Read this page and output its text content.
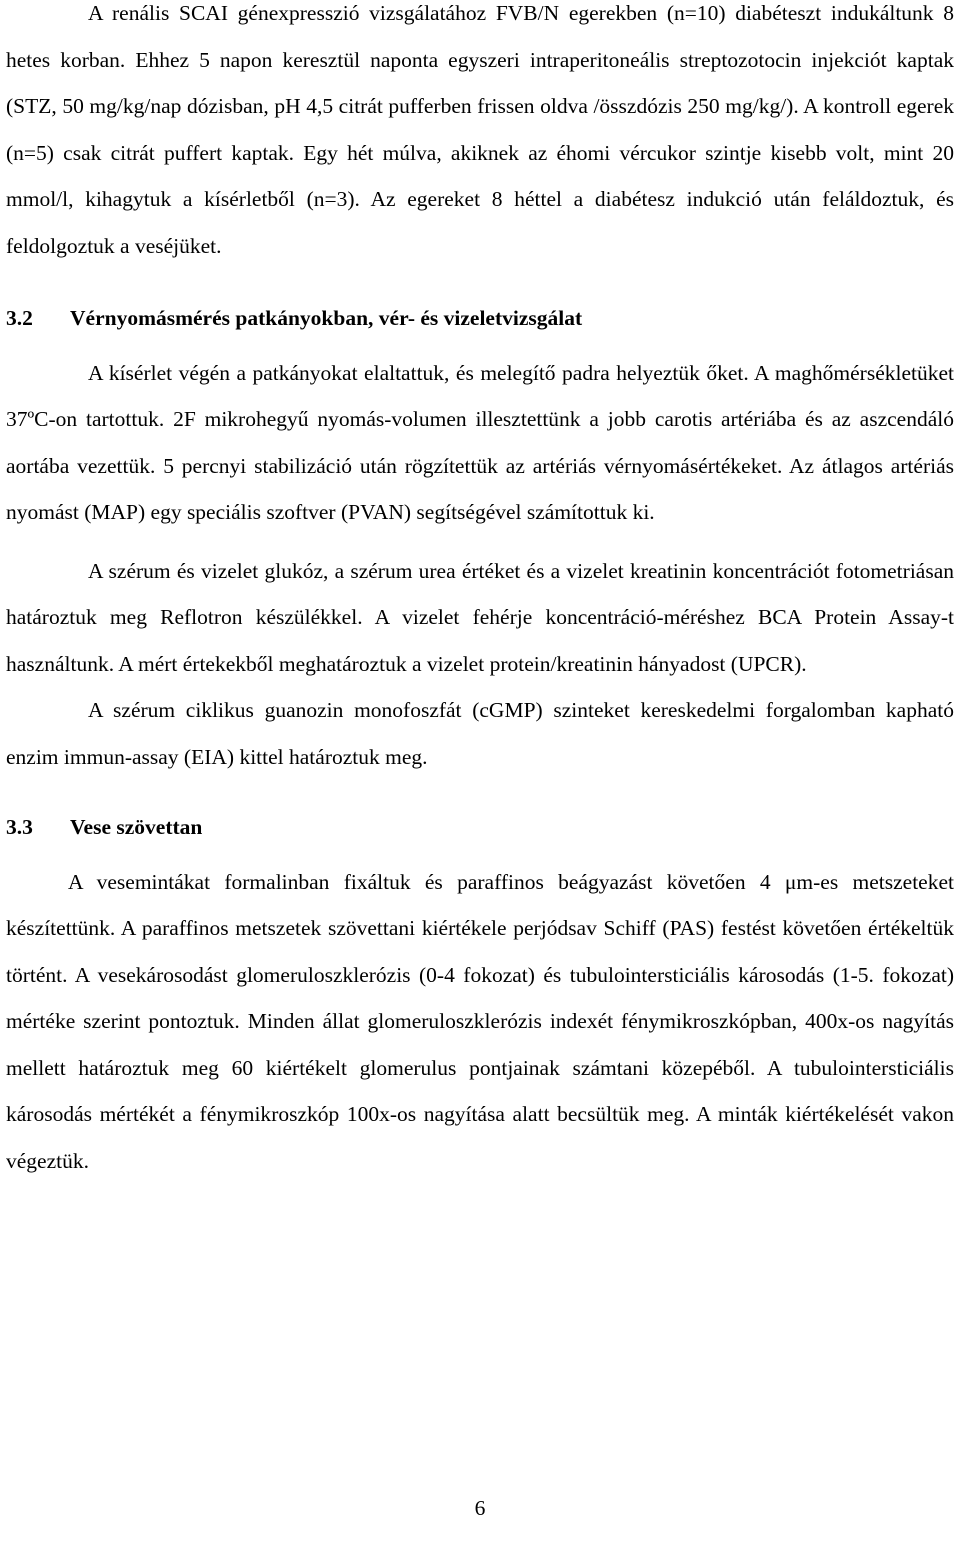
A renális SCAI génexpresszió vizsgálatához FVB/N egerekben (n=10) diabéteszt indukáltunk 8 hetes korban. Ehhez 5 napon keresztül naponta egyszeri intraperitoneális streptozotocin injekciót kaptak (STZ, 50 mg/kg/nap dózisban, pH 4,5 citrát pufferben frissen oldva /összdózis 250 mg/kg/). A kontroll egerek (n=5) csak citrát puffert kaptak. Egy hét múlva, akiknek az éhomi vércukor szintje kisebb volt, mint 20 mmol/l, kihagytuk a kísérletből (n=3). Az egereket 8 héttel a diabétesz indukció után feláldoztuk, és feldolgoztuk a veséjüket.

3.2	Vérnyomásmérés patkányokban, vér- és vizeletvizsgálat

A kísérlet végén a patkányokat elaltattuk, és melegítő padra helyeztük őket. A maghőmérsékletüket 37ºC-on tartottuk. 2F mikrohegyű nyomás-volumen illesztettünk a jobb carotis artériába és az aszcendáló aortába vezettük. 5 percnyi stabilizáció után rögzítettük az artériás vérnyomásértékeket. Az átlagos artériás nyomást (MAP) egy speciális szoftver (PVAN) segítségével számítottuk ki.

A szérum és vizelet glukóz, a szérum urea értéket és a vizelet kreatinin koncentrációt fotometriásan határoztuk meg Reflotron készülékkel. A vizelet fehérje koncentráció-méréshez BCA Protein Assay-t használtunk. A mért értekekből meghatároztuk a vizelet protein/kreatinin hányadost (UPCR).

A szérum ciklikus guanozin monofoszfát (cGMP) szinteket kereskedelmi forgalomban kapható enzim immun-assay (EIA) kittel határoztuk meg.

3.3	Vese szövettan

A vesemintákat formalinban fixáltuk és paraffinos beágyazást követően 4 μm-es metszeteket készítettünk. A paraffinos metszetek szövettani kiértékele perjódsav Schiff (PAS) festést követően értékeltük történt. A vesekárosodást glomeruloszklerózis (0-4 fokozat) és tubulointersticiális károsodás (1-5. fokozat) mértéke szerint pontoztuk. Minden állat glomeruloszklerózis indexét fénymikroszkópban, 400x-os nagyítás mellett határoztuk meg 60 kiértékelt glomerulus pontjainak számtani közepéből. A tubulointersticiális károsodás mértékét a fénymikroszkóp 100x-os nagyítása alatt becsültük meg. A minták kiértékelését vakon végeztük.

6
